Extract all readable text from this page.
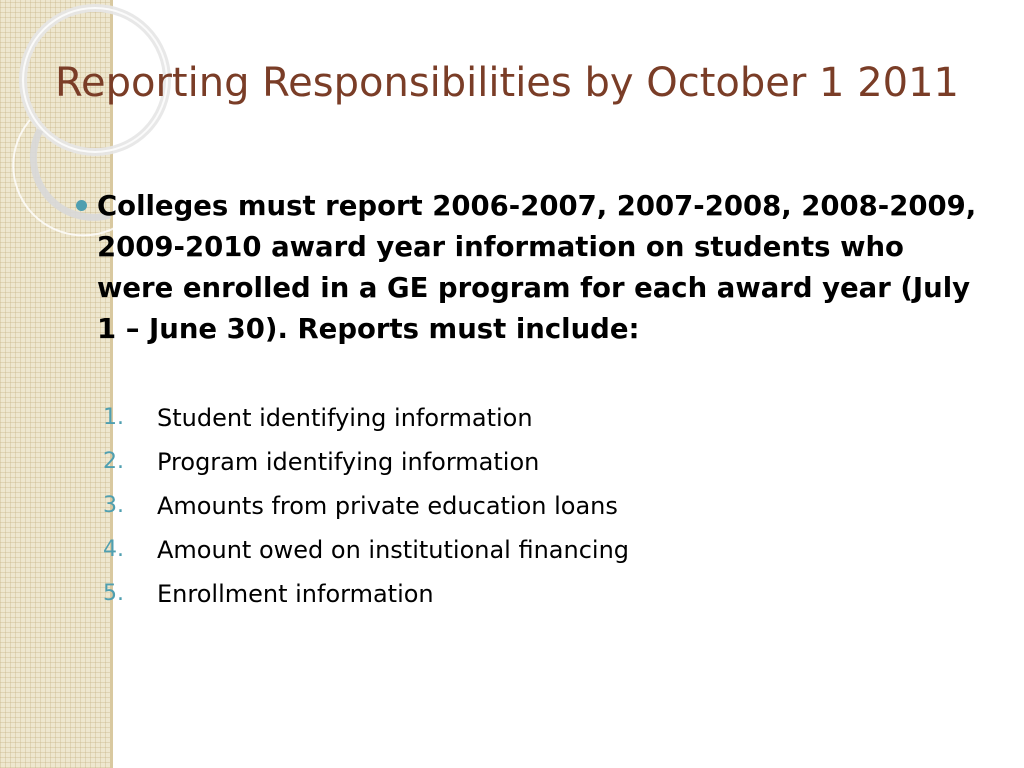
Reporting Responsibilities by October 1 2011
Colleges must report 2006-2007, 2007-2008, 2008-2009, 2009-2010 award year information on students who were enrolled in a GE program for each award year (July 1 – June 30). Reports must include:
1. Student identifying information
2. Program identifying information
3. Amounts from private education loans
4. Amount owed on institutional financing
5. Enrollment information
